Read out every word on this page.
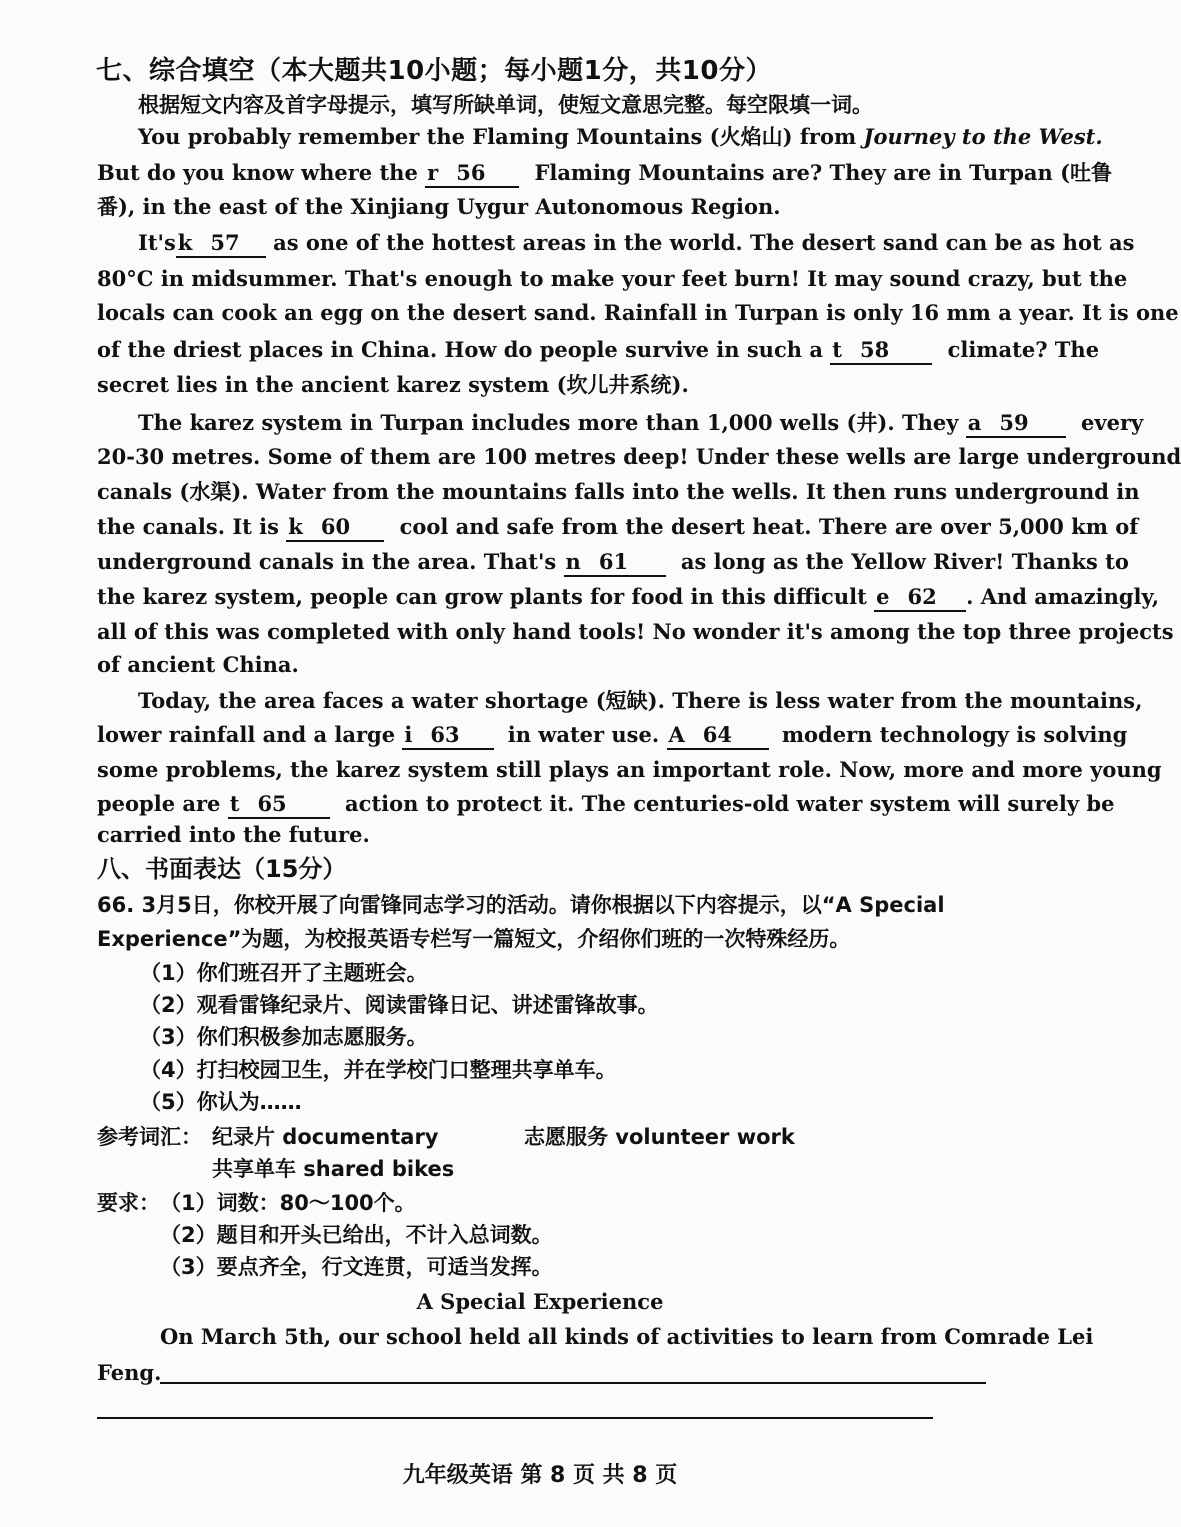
七、综合填空（本大题共10小题；每小题1分，共10分）
根据短文内容及首字母提示，填写所缺单词，使短文意思完整。每空限填一词。
You probably remember the Flaming Mountains (火焰山) from Journey to the West.
But do you know where the r 56 Flaming Mountains are? They are in Turpan (吐鲁
番), in the east of the Xinjiang Uygur Autonomous Region.
It'sk 57 as one of the hottest areas in the world. The desert sand can be as hot as
80°C in midsummer. That's enough to make your feet burn! It may sound crazy, but the
locals can cook an egg on the desert sand. Rainfall in Turpan is only 16 mm a year. It is one
of the driest places in China. How do people survive in such a t 58	climate? The
secret lies in the ancient karez system (坎儿井系统).
The karez system in Turpan includes more than 1,000 wells (井). They a 59 every
20-30 metres. Some of them are 100 metres deep! Under these wells are large underground
canals (水渠). Water from the mountains falls into the wells. It then runs underground in
the canals. It is k 60 cool and safe from the desert heat. There are over 5,000 km of
underground canals in the area. That's n 61	as long as the Yellow River! Thanks to
the karez system, people can grow plants for food in this difficult e 62 . And amazingly,
all of this was completed with only hand tools! No wonder it's among the top three projects
of ancient China.
Today, the area faces a water shortage (短缺). There is less water from the mountains,
lower rainfall and a large i 63 in water use. A 64 modern technology is solving
some problems, the karez system still plays an important role. Now, more and more young
people are t 65	action to protect it. The centuries-old water system will surely be
carried into the future.
八、书面表达（15分）
66. 3月5日，你校开展了向雷锋同志学习的活动。请你根据以下内容提示，以“A Special
Experience”为题，为校报英语专栏写一篇短文，介绍你们班的一次特殊经历。
（1）你们班召开了主题班会。
（2）观看雷锋纪录片、阅读雷锋日记、讲述雷锋故事。
（3）你们积极参加志愿服务。
（4）打扫校园卫生，并在学校门口整理共享单车。
（5）你认为……
参考词汇： 纪录片 documentary	志愿服务 volunteer work
共享单车 shared bikes
要求： （1）词数：80～100个。
（2）题目和开头已给出，不计入总词数。
（3）要点齐全，行文连贯，可适当发挥。
A Special Experience
On March 5th, our school held all kinds of activities to learn from Comrade Lei
Feng.
九年级英语 第 8 页 共 8 页
